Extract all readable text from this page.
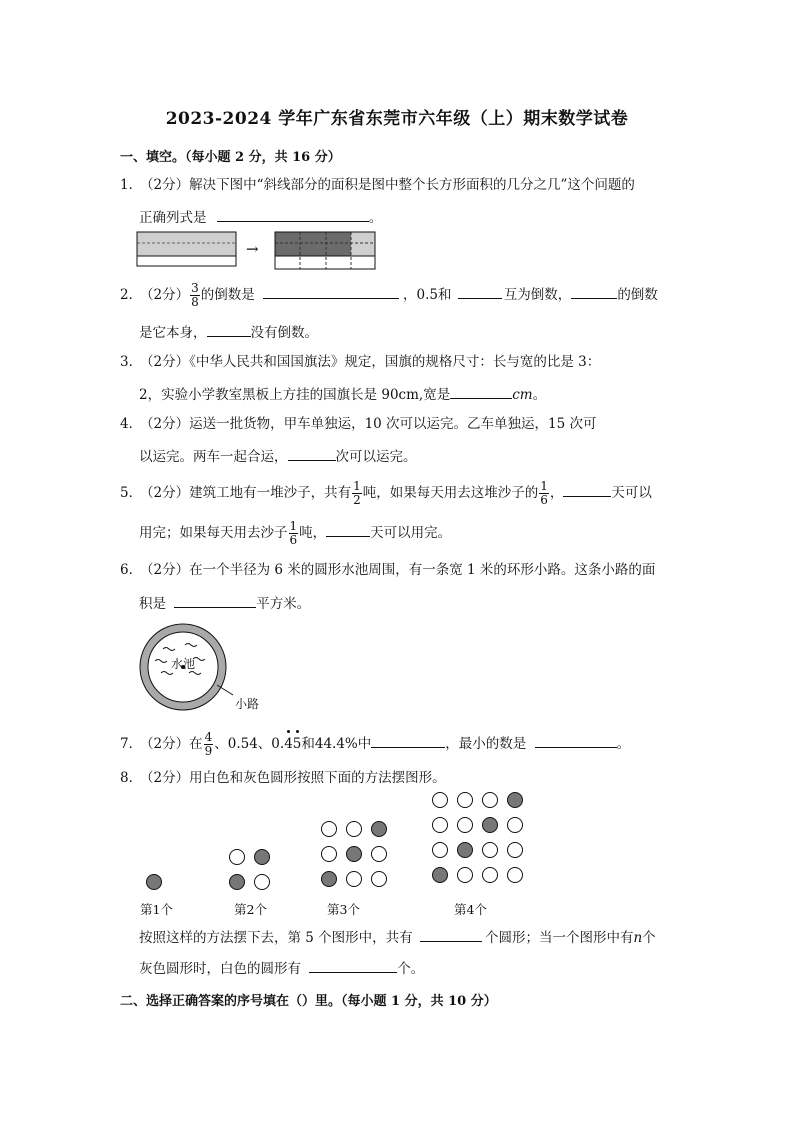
2023-2024 学年广东省东莞市六年级（上）期末数学试卷
一、填空。（每小题 2 分，共 16 分）
1．（2分）解决下图中“斜线部分的面积是图中整个长方形面积的几分之几”这个问题的
正确列式是	。
→
2．（2分） $\frac{3}{8}$ 的倒数是	，0.5和	互为倒数，	的倒数
是它本身，	没有倒数。
3．（2分）《中华人民共和国国旗法》规定，国旗的规格尺寸：长与宽的比是 3：
2，实验小学教室黑板上方挂的国旗长是 90cm,宽是	cm。
4．（2分）运送一批货物，甲车单独运，10 次可以运完。乙车单独运，15 次可
以运完。两车一起合运，	次可以运完。
5．（2分）建筑工地有一堆沙子，共有 $\frac{1}{2}$ 吨，如果每天用去这堆沙子的 $\frac{1}{6}$ ，	天可以
用完；如果每天用去沙子 $\frac{1}{6}$ 吨，	天可以用完。
6．（2分）在一个半径为 6 米的圆形水池周围，有一条宽 1 米的环形小路。这条小路的面
积是	平方米。
水池
小路
7．（2分）在 $\frac{4}{9}$ 、0.54、0.45和44.4%中	，最小的数是	。
8．（2分）用白色和灰色圆形按照下面的方法摆图形。
第1个	第2个	第3个	第4个
按照这样的方法摆下去，第 5 个图形中，共有	个圆形；当一个图形中有n个
灰色圆形时，白色的圆形有	个。
二、选择正确答案的序号填在（）里。（每小题 1 分，共 10 分）
